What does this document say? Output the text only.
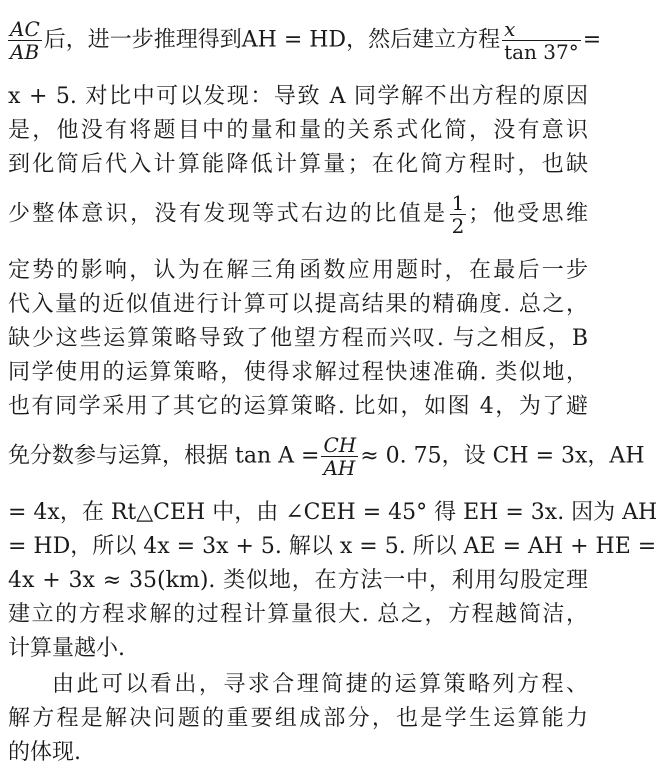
$\frac{AC}{AB}$ 后，进一步推理得到AH = HD，然后建立方程 $\frac{x}{\tan 37^\circ}$ =
x + 5. 对比中可以发现：导致 A 同学解不出方程的原因
是，他没有将题目中的量和量的关系式化简，没有意识
到化简后代入计算能降低计算量；在化简方程时，也缺
少整体意识，没有发现等式右边的比值是 $\frac{1}{2}$ ；他受思维
定势的影响，认为在解三角函数应用题时，在最后一步
代入量的近似值进行计算可以提高结果的精确度. 总之，
缺少这些运算策略导致了他望方程而兴叹. 与之相反，B
同学使用的运算策略，使得求解过程快速准确. 类似地，
也有同学采用了其它的运算策略. 比如，如图 4，为了避
免分数参与运算，根据 $\tan A = \frac{CH}{AH} \approx 0$. 75，设 CH = 3x，AH
= 4x，在 Rt△CEH 中，由 ∠CEH = 45° 得 EH = 3x. 因为 AH
= HD，所以 4x = 3x + 5. 解以 x = 5. 所以 AE = AH + HE =
4x + 3x ≈ 35(km). 类似地，在方法一中，利用勾股定理
建立的方程求解的过程计算量很大. 总之，方程越简洁，
计算量越小.
由此可以看出，寻求合理简捷的运算策略列方程、
解方程是解决问题的重要组成部分，也是学生运算能力
的体现.
